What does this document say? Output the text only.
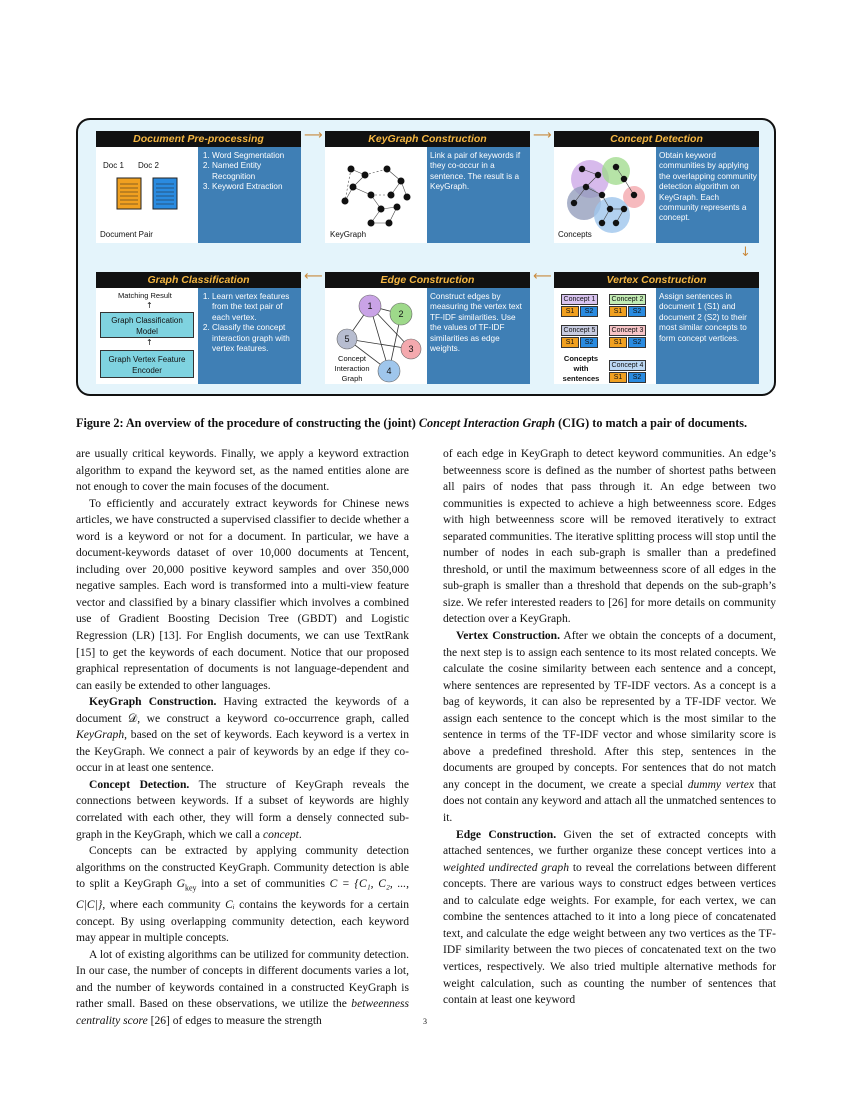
Document Pre-processing
Doc 1 Doc 2
Document Pair
1. Word Segmentation
2. Named Entity Recognition
3. Keyword Extraction
⟶	KeyGraph Construction
KeyGraph
Link a pair of keywords if they co-occur in a sentence. The result is a KeyGraph.
⟶	Concept Detection
Concepts
Obtain keyword communities by applying the overlapping community detection algorithm on KeyGraph. Each community represents a concept.
↓
Graph Classification
Matching Result
↑
Graph Classification Model
↑
Graph Vertex Feature Encoder
1. Learn vertex features from the text pair of each vertex.
2. Classify the concept interaction graph with vertex features.
⟵	Edge Construction
1
2
3
4
5
Concept Interaction Graph
Construct edges by measuring the vertex text TF-IDF similarities. Use the values of TF-IDF similarities as edge weights.
⟵	Vertex Construction
Concept 1
S1	S2
Concept 2
S1	S2
Concept 5
S1	S2
Concept 3
S1	S2
Concept 4
S1	S2
Concepts with sentences
Assign sentences in document 1 (S1) and document 2 (S2) to their most similar concepts to form concept vertices.
Figure 2: An overview of the procedure of constructing the (joint) Concept Interaction Graph (CIG) to match a pair of documents.

are usually critical keywords. Finally, we apply a keyword extraction algorithm to expand the keyword set, as the named entities alone are not enough to cover the main focuses of the document.

To efficiently and accurately extract keywords for Chinese news articles, we have constructed a supervised classifier to decide whether a word is a keyword or not for a document. In particular, we have a document-keywords dataset of over 10,000 documents at Tencent, including over 20,000 positive keyword samples and over 350,000 negative samples. Each word is transformed into a multi-view feature vector and classified by a binary classifier which involves a combined use of Gradient Boosting Decision Tree (GBDT) and Logistic Regression (LR) [13]. For English documents, we can use TextRank [15] to get the keywords of each document. Notice that our proposed graphical representation of documents is not language-dependent and can easily be extended to other languages.

KeyGraph Construction. Having extracted the keywords of a document 𝒟, we construct a keyword co-occurrence graph, called KeyGraph, based on the set of keywords. Each keyword is a vertex in the KeyGraph. We connect a pair of keywords by an edge if they co-occur in at least one sentence.

Concept Detection. The structure of KeyGraph reveals the connections between keywords. If a subset of keywords are highly correlated with each other, they will form a densely connected sub-graph in the KeyGraph, which we call a concept.

Concepts can be extracted by applying community detection algorithms on the constructed KeyGraph. Community detection is able to split a KeyGraph $G_{key}$ into a set of communities C = {C₁, C₂, ..., C|C|}, where each community Cᵢ contains the keywords for a certain concept. By using overlapping community detection, each keyword may appear in multiple concepts.

A lot of existing algorithms can be utilized for community detection. In our case, the number of concepts in different documents varies a lot, and the number of keywords contained in a constructed KeyGraph is rather small. Based on these observations, we utilize the betweenness centrality score [26] of edges to measure the strength

of each edge in KeyGraph to detect keyword communities. An edge’s betweenness score is defined as the number of shortest paths between all pairs of nodes that pass through it. An edge between two communities is expected to achieve a high betweenness score. Edges with high betweenness score will be removed iteratively to extract separated communities. The iterative splitting process will stop until the number of nodes in each sub-graph is smaller than a predefined threshold, or until the maximum betweenness score of all edges in the sub-graph is smaller than a threshold that depends on the sub-graph’s size. We refer interested readers to [26] for more details on community detection over a KeyGraph.

Vertex Construction. After we obtain the concepts of a document, the next step is to assign each sentence to its most related concepts. We calculate the cosine similarity between each sentence and a concept, where sentences are represented by TF-IDF vectors. As a concept is a bag of keywords, it can also be represented by a TF-IDF vector. We assign each sentence to the concept which is the most similar to the sentence in terms of the TF-IDF vector and whose similarity score is above a predefined threshold. After this step, sentences in the documents are grouped by concepts. For sentences that do not match any concept in the document, we create a special dummy vertex that does not contain any keyword and attach all the unmatched sentences to it.

Edge Construction. Given the set of extracted concepts with attached sentences, we further organize these concept vertices into a weighted undirected graph to reveal the correlations between different concepts. There are various ways to construct edges between vertices and to calculate edge weights. For example, for each vertex, we can combine the sentences attached to it into a long piece of concatenated text, and calculate the edge weight between any two vertices as the TF-IDF similarity between the two pieces of concatenated text on the two vertices, respectively. We also tried multiple alternative methods for weight calculation, such as counting the number of sentences that contain at least one keyword

3
